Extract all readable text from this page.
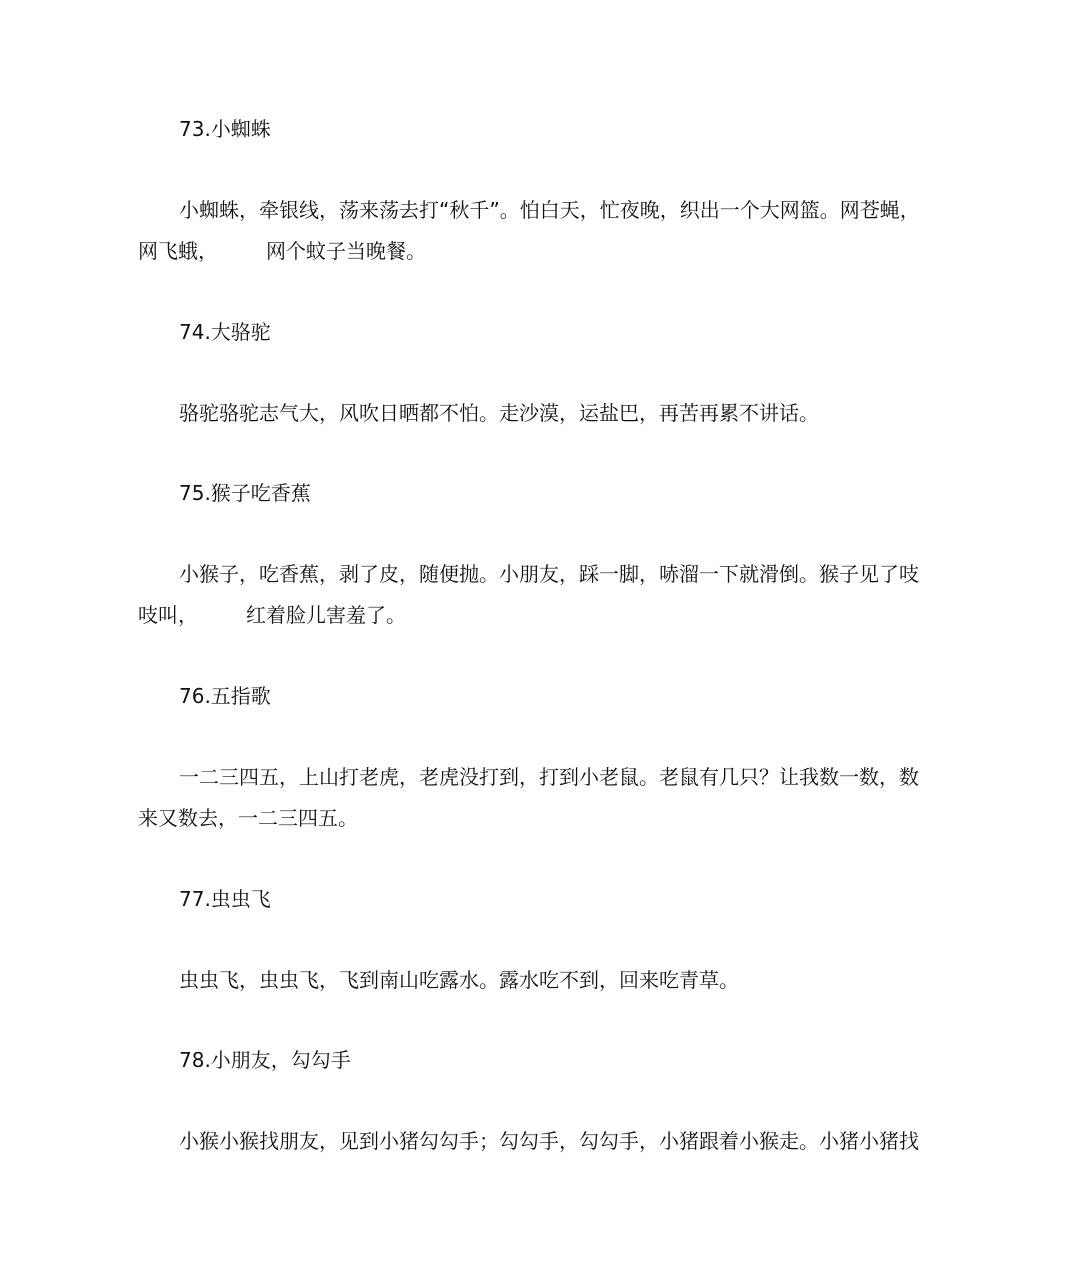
73.小蜘蛛
小蜘蛛，牵银线，荡来荡去打“秋千”。怕白天，忙夜晚，织出一个大网篮。网苍蝇，
网飞蛾， 网个蚊子当晚餐。
74.大骆驼
骆驼骆驼志气大，风吹日晒都不怕。走沙漠，运盐巴，再苦再累不讲话。
75.猴子吃香蕉
小猴子，吃香蕉，剥了皮，随便抛。小朋友，踩一脚，哧溜一下就滑倒。猴子见了吱
吱叫， 红着脸儿害羞了。
76.五指歌
一二三四五，上山打老虎，老虎没打到，打到小老鼠。老鼠有几只？让我数一数，数
来又数去，一二三四五。
77.虫虫飞
虫虫飞，虫虫飞，飞到南山吃露水。露水吃不到，回来吃青草。
78.小朋友，勾勾手
小猴小猴找朋友，见到小猪勾勾手；勾勾手，勾勾手，小猪跟着小猴走。小猪小猪找
